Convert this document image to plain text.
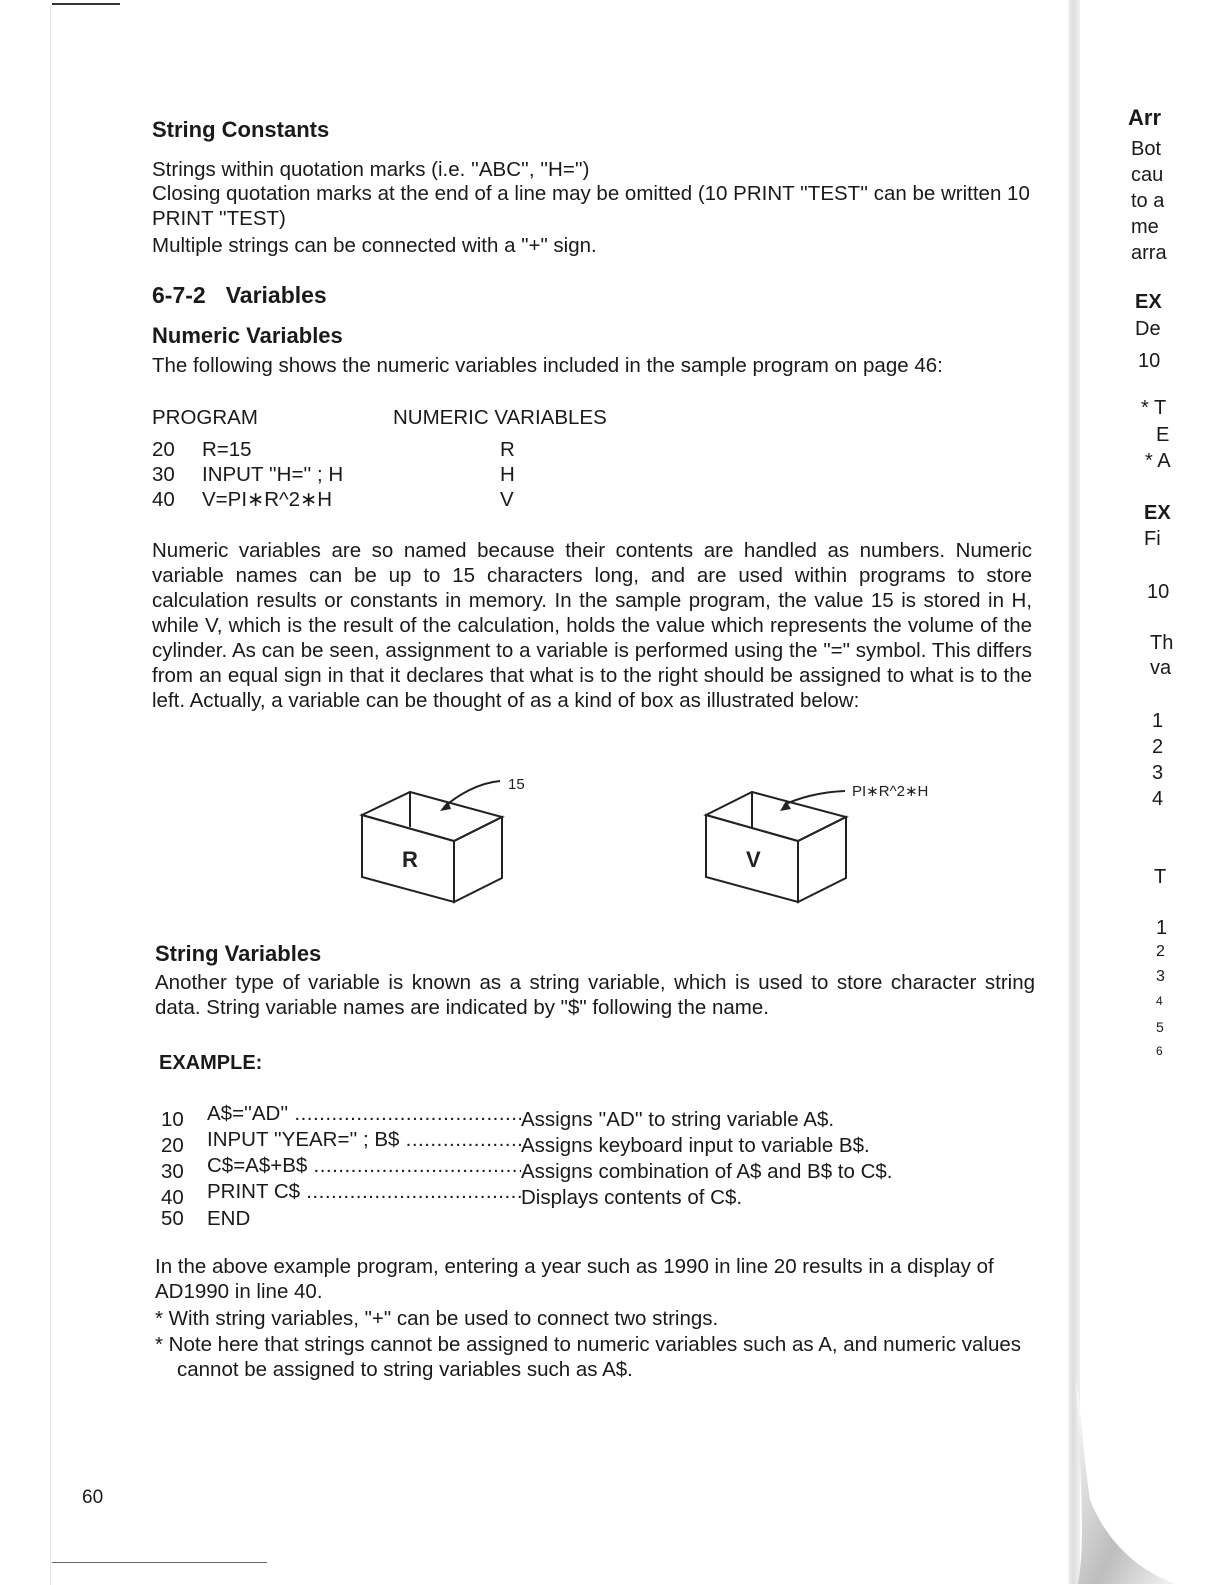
String Constants

Strings within quotation marks (i.e. ''ABC'', ''H='')

Closing quotation marks at the end of a line may be omitted (10 PRINT ''TEST'' can be written 10 PRINT ''TEST)

Multiple strings can be connected with a "+" sign.

6-7-2 Variables
Numeric Variables

The following shows the numeric variables included in the sample program on page 46:

PROGRAM	NUMERIC VARIABLES
20 R=15	R
30 INPUT ''H='' ; H	H
40 V=PI∗R^2∗H	V

Numeric variables are so named because their contents are handled as numbers. Numeric variable names can be up to 15 characters long, and are used within programs to store calculation results or constants in memory. In the sample program, the value 15 is stored in H, while V, which is the result of the calculation, holds the value which represents the volume of the cylinder. As can be seen, assignment to a variable is performed using the "=" symbol. This differs from an equal sign in that it declares that what is to the right should be assigned to what is to the left. Actually, a variable can be thought of as a kind of box as illustrated below:

15
R
PI∗R^2∗H
V
String Variables

Another type of variable is known as a string variable, which is used to store character string data. String variable names are indicated by "$" following the name.

EXAMPLE:
10 A$=''AD'' .....	Assigns ''AD'' to string variable A$.
20 INPUT ''YEAR='' ; B$ .....	Assigns keyboard input to variable B$.
30 C$=A$+B$ .....	Assigns combination of A$ and B$ to C$.
40 PRINT C$ .....	Displays contents of C$.
50 END

In the above example program, entering a year such as 1990 in line 20 results in a display of AD1990 in line 40.

* With string variables, "+" can be used to connect two strings.

* Note here that strings cannot be assigned to numeric variables such as A, and numeric values cannot be assigned to string variables such as A$.

60
Arr
Bot
cau
to a
me
arra
EX
De
10
* T
E
* A
EX
Fi
10
Th
va
1
2
3
4
T
1
2
3
4
5
6
